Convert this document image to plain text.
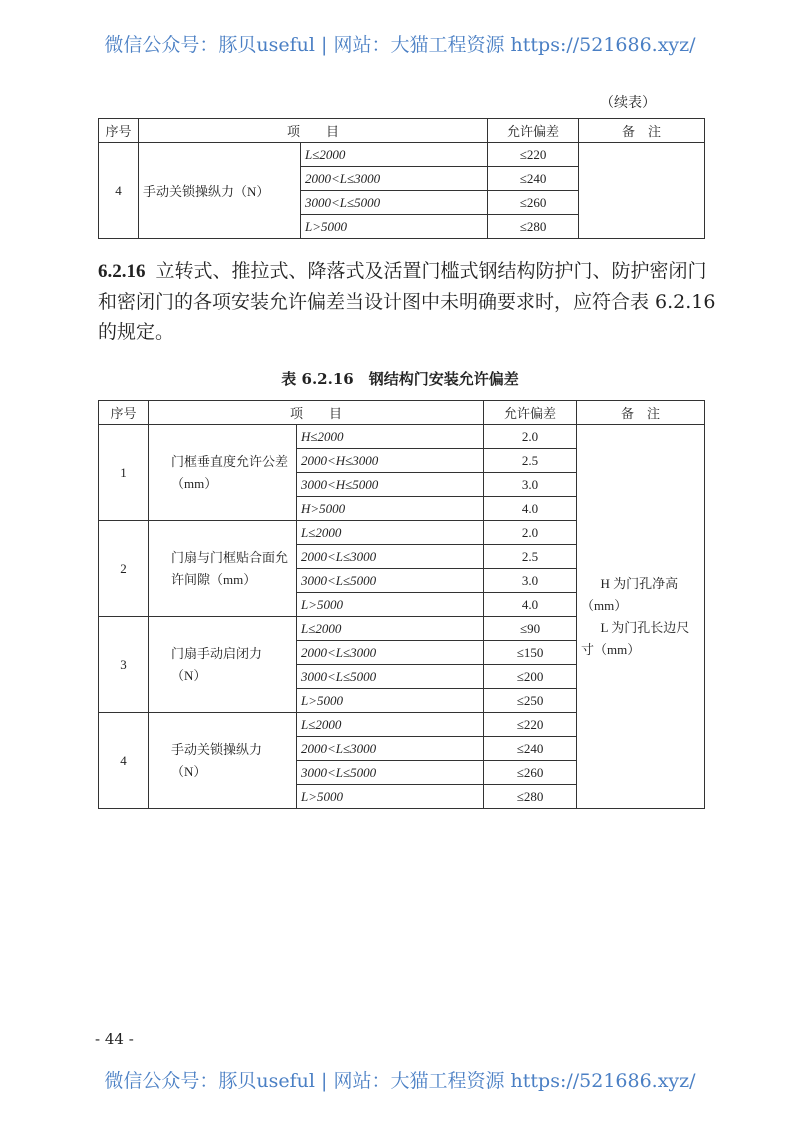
微信公众号：豚贝useful | 网站：大猫工程资源 https://521686.xyz/
（续表）
序号	项　　目		允许偏差	备　注
4	手动关锁操纵力（N）	L≤2000	≤220	
		2000<L≤3000	≤240	
		3000<L≤5000	≤260	
		L>5000	≤280	
6.2.16 立转式、推拉式、降落式及活置门槛式钢结构防护门、防护密闭门和密闭门的各项安装允许偏差当设计图中未明确要求时，应符合表 6.2.16 的规定。
表 6.2.16　钢结构门安装允许偏差
序号	项　　目		允许偏差	备　注
1	门框垂直度允许公差（mm）	H≤2000	2.0	H 为门孔净高（mm）
L 为门孔长边尺寸（mm）

		2000<H≤3000	2.5	
		3000<H≤5000	3.0	
		H>5000	4.0	
2	门扇与门框贴合面允许间隙（mm）	L≤2000	2.0	
		2000<L≤3000	2.5	
		3000<L≤5000	3.0	
		L>5000	4.0	
3	门扇手动启闭力（N）	L≤2000	≤90	
		2000<L≤3000	≤150	
		3000<L≤5000	≤200	
		L>5000	≤250	
4	手动关锁操纵力（N）	L≤2000	≤220	
		2000<L≤3000	≤240	
		3000<L≤5000	≤260	
		L>5000	≤280	
- 44 -
微信公众号：豚贝useful | 网站：大猫工程资源 https://521686.xyz/
